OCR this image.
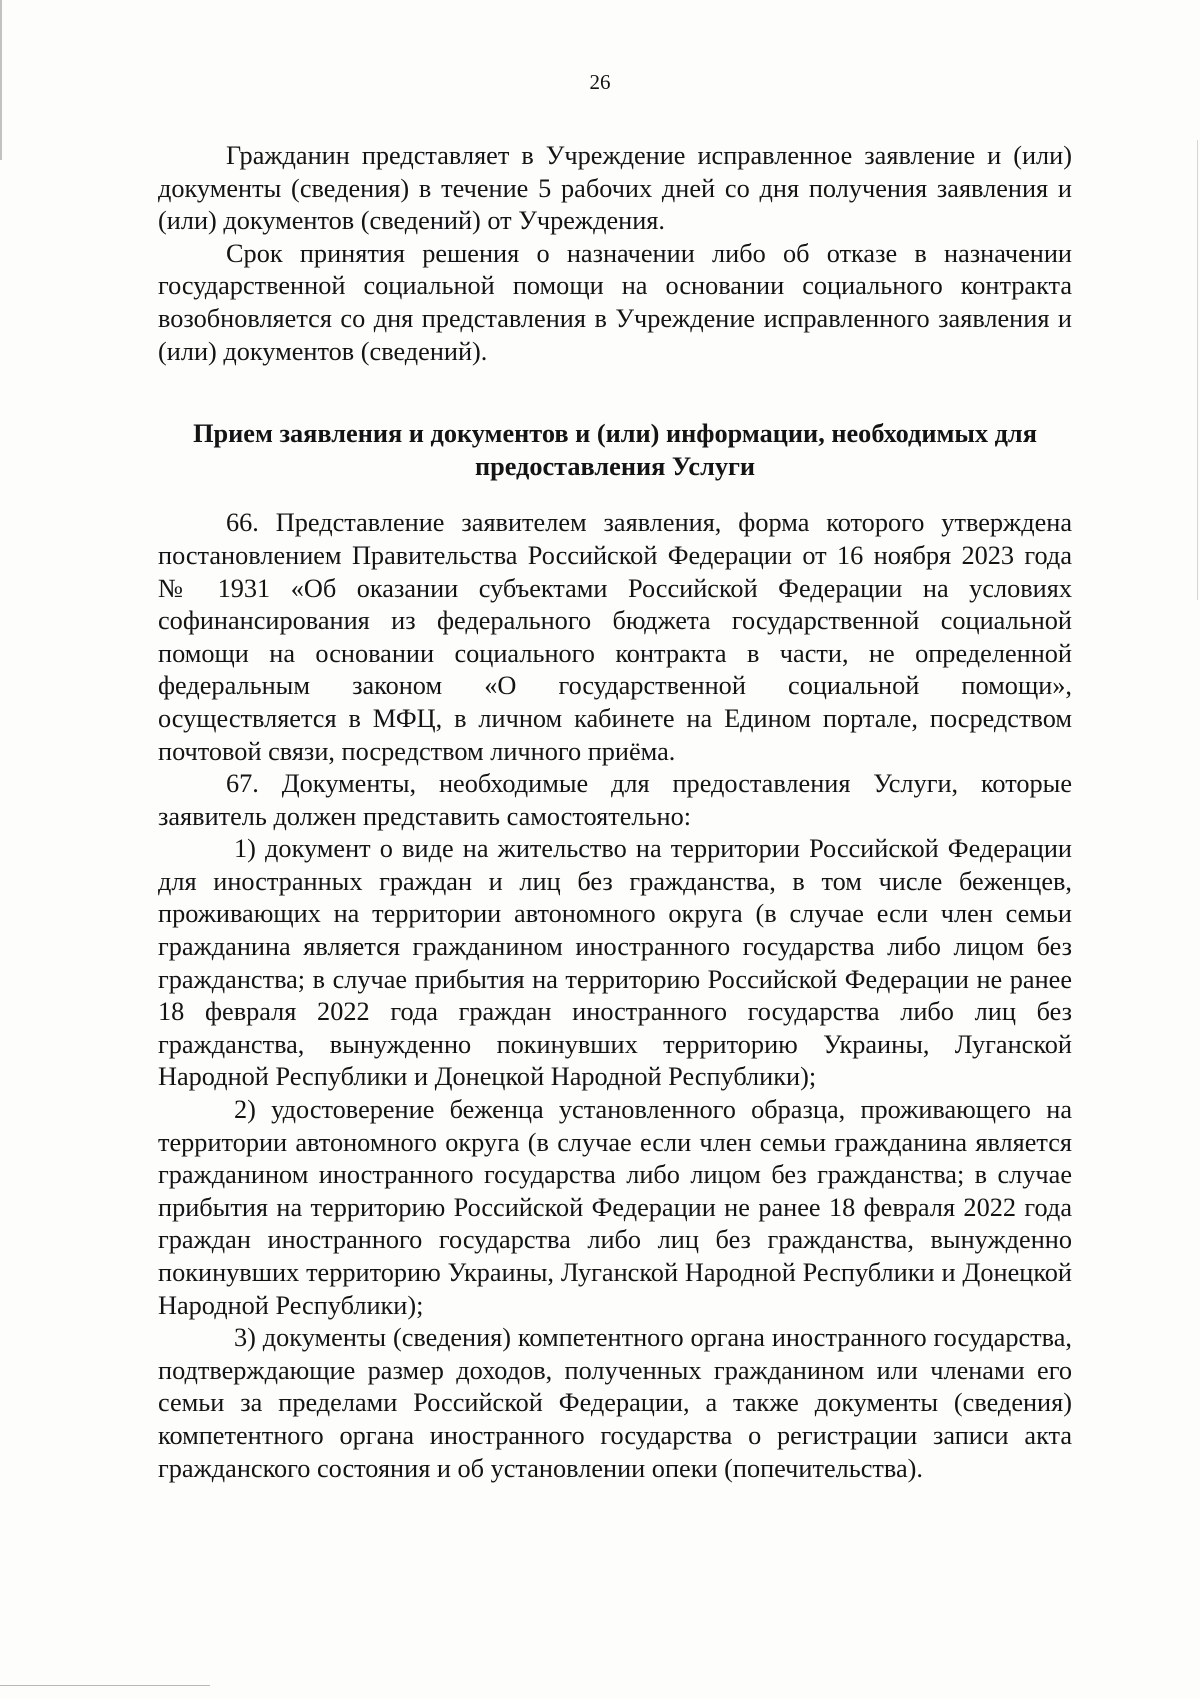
26

Гражданин представляет в Учреждение исправленное заявление и (или) документы (сведения) в течение 5 рабочих дней со дня получения заявления и (или) документов (сведений) от Учреждения.

Срок принятия решения о назначении либо об отказе в назначении государственной социальной помощи на основании социального контракта возобновляется со дня представления в Учреждение исправленного заявления и (или) документов (сведений).

Прием заявления и документов и (или) информации, необходимых для предоставления Услуги

66. Представление заявителем заявления, форма которого утверждена постановлением Правительства Российской Федерации от 16 ноября 2023 года № 1931 «Об оказании субъектами Российской Федерации на условиях софинансирования из федерального бюджета государственной социальной помощи на основании социального контракта в части, не определенной федеральным законом «О государственной социальной помощи», осуществляется в МФЦ, в личном кабинете на Едином портале, посредством почтовой связи, посредством личного приёма.

67. Документы, необходимые для предоставления Услуги, которые заявитель должен представить самостоятельно:

1) документ о виде на жительство на территории Российской Федерации для иностранных граждан и лиц без гражданства, в том числе беженцев, проживающих на территории автономного округа (в случае если член семьи гражданина является гражданином иностранного государства либо лицом без гражданства; в случае прибытия на территорию Российской Федерации не ранее 18 февраля 2022 года граждан иностранного государства либо лиц без гражданства, вынужденно покинувших территорию Украины, Луганской Народной Республики и Донецкой Народной Республики);

2) удостоверение беженца установленного образца, проживающего на территории автономного округа (в случае если член семьи гражданина является гражданином иностранного государства либо лицом без гражданства; в случае прибытия на территорию Российской Федерации не ранее 18 февраля 2022 года граждан иностранного государства либо лиц без гражданства, вынужденно покинувших территорию Украины, Луганской Народной Республики и Донецкой Народной Республики);

3) документы (сведения) компетентного органа иностранного государства, подтверждающие размер доходов, полученных гражданином или членами его семьи за пределами Российской Федерации, а также документы (сведения) компетентного органа иностранного государства о регистрации записи акта гражданского состояния и об установлении опеки (попечительства).
